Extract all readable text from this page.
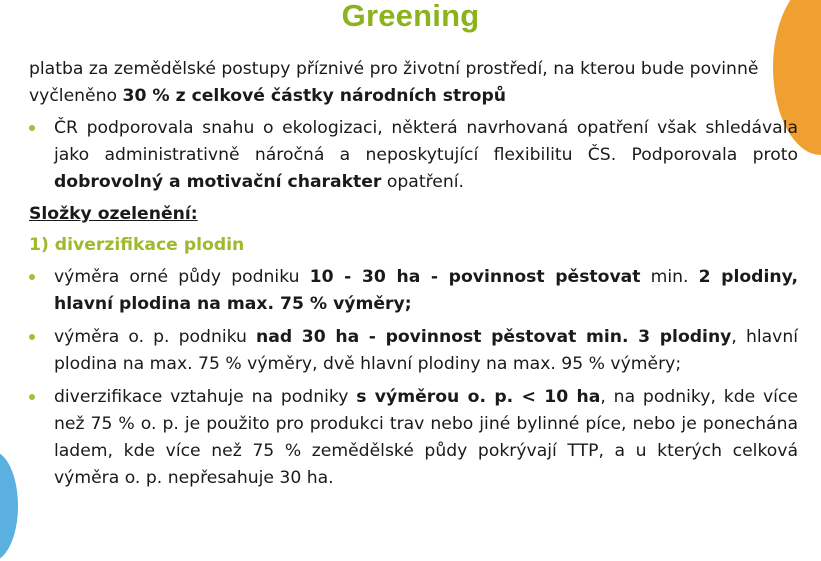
Greening

platba za zemědělské postupy příznivé pro životní prostředí, na kterou bude povinně vyčleněno 30 % z celkové částky národních stropů

ČR podporovala snahu o ekologizaci, některá navrhovaná opatření však shledávala jako administrativně náročná a neposkytující flexibilitu ČS. Podporovala proto dobrovolný a motivační charakter opatření.
Složky ozelenění:
1) diverzifikace plodin
výměra orné půdy podniku 10 - 30 ha - povinnost pěstovat min. 2 plodiny, hlavní plodina na max. 75 % výměry;
výměra o. p. podniku nad 30 ha - povinnost pěstovat min. 3 plodiny, hlavní plodina na max. 75 % výměry, dvě hlavní plodiny na max. 95 % výměry;
diverzifikace vztahuje na podniky s výměrou o. p. < 10 ha, na podniky, kde více než 75 % o. p. je použito pro produkci trav nebo jiné bylinné píce, nebo je ponechána ladem, kde více než 75 % zemědělské půdy pokrývají TTP, a u kterých celková výměra o. p. nepřesahuje 30 ha.
